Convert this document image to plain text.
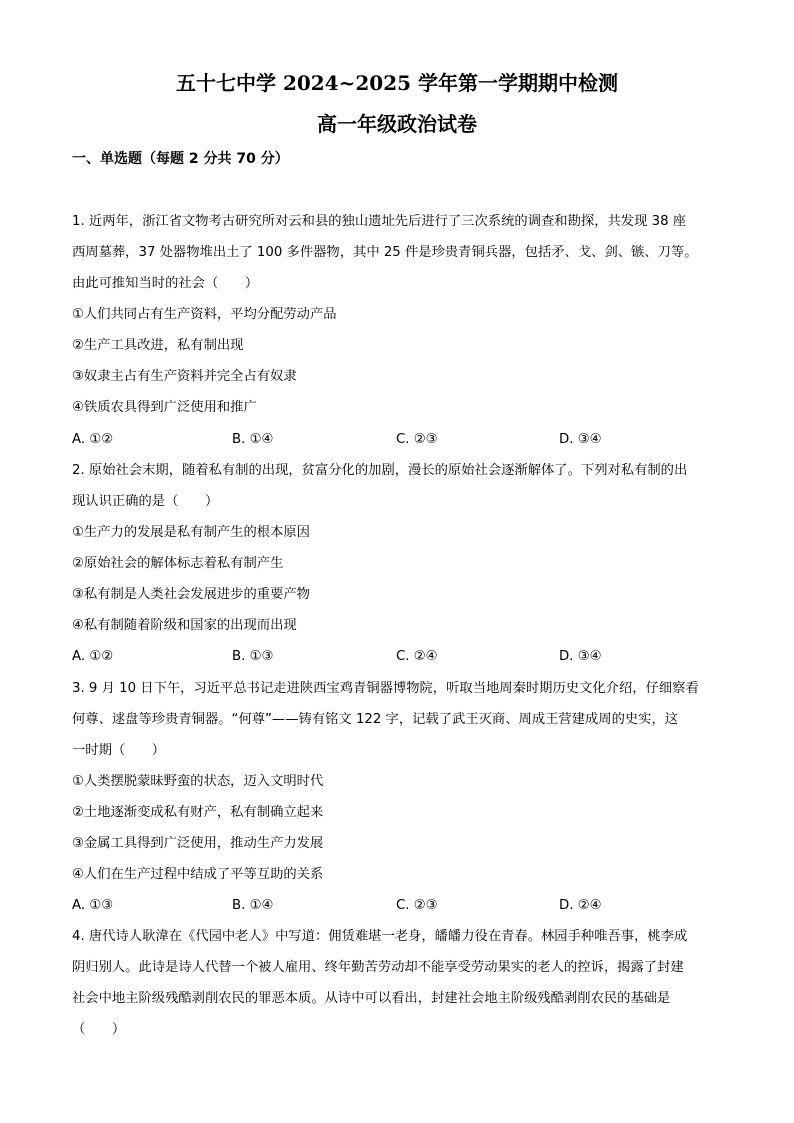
五十七中学 2024~2025 学年第一学期期中检测
高一年级政治试卷
一、单选题（每题 2 分共 70 分）
1. 近两年，浙江省文物考古研究所对云和县的独山遗址先后进行了三次系统的调查和勘探，共发现 38 座
西周墓葬，37 处器物堆出土了 100 多件器物，其中 25 件是珍贵青铜兵器，包括矛、戈、剑、镞、刀等。
由此可推知当时的社会（　　）
①人们共同占有生产资料，平均分配劳动产品
②生产工具改进，私有制出现
③奴隶主占有生产资料并完全占有奴隶
④铁质农具得到广泛使用和推广
A. ①②	B. ①④	C. ②③	D. ③④
2. 原始社会末期，随着私有制的出现，贫富分化的加剧，漫长的原始社会逐渐解体了。下列对私有制的出
现认识正确的是（　　）
①生产力的发展是私有制产生的根本原因
②原始社会的解体标志着私有制产生
③私有制是人类社会发展进步的重要产物
④私有制随着阶级和国家的出现而出现
A. ①②	B. ①③	C. ②④	D. ③④
3. 9 月 10 日下午，习近平总书记走进陕西宝鸡青铜器博物院，听取当地周秦时期历史文化介绍，仔细察看
何尊、逑盘等珍贵青铜器。“何尊”——铸有铭文 122 字，记载了武王灭商、周成王营建成周的史实，这
一时期（　　）
①人类摆脱蒙昧野蛮的状态，迈入文明时代
②土地逐渐变成私有财产，私有制确立起来
③金属工具得到广泛使用，推动生产力发展
④人们在生产过程中结成了平等互助的关系
A. ①③	B. ①④	C. ②③	D. ②④
4. 唐代诗人耿湋在《代园中老人》中写道：佣赁难堪一老身，皤皤力役在青春。林园手种唯吾事，桃李成
阴归别人。此诗是诗人代替一个被人雇用、终年勤苦劳动却不能享受劳动果实的老人的控诉，揭露了封建
社会中地主阶级残酷剥削农民的罪恶本质。从诗中可以看出，封建社会地主阶级残酷剥削农民的基础是
（　　）
